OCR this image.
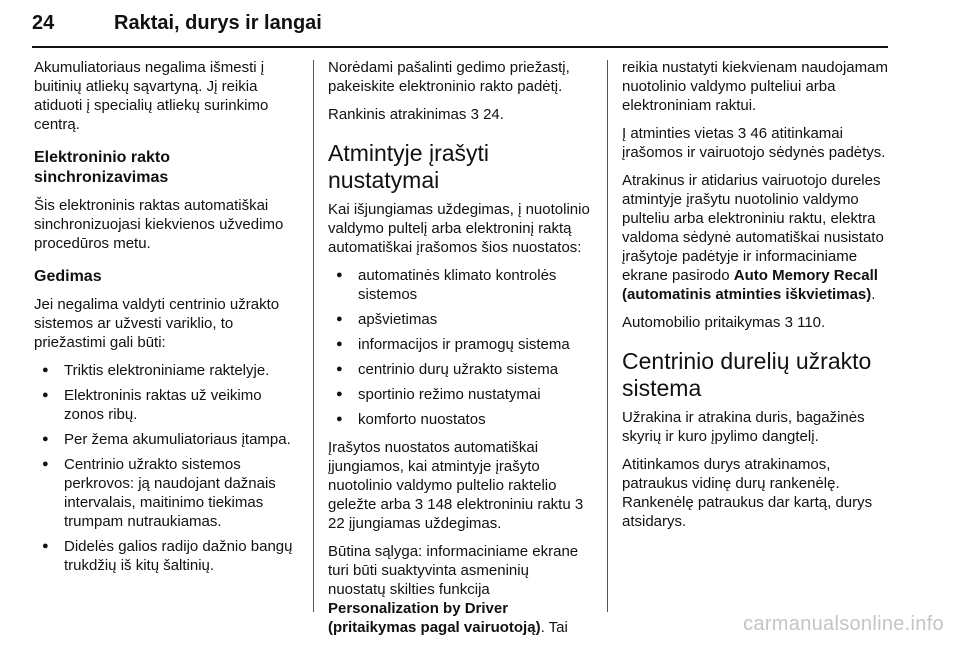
24	Raktai, durys ir langai

Akumuliatoriaus negalima išmesti į buitinių atliekų sąvartyną. Jį reikia atiduoti į specialių atliekų surinkimo centrą.

Elektroninio rakto sinchronizavimas

Šis elektroninis raktas automatiškai sinchronizuojasi kiekvienos užvedimo procedūros metu.

Gedimas

Jei negalima valdyti centrinio užrakto sistemos ar užvesti variklio, to priežastimi gali būti:

● Triktis elektroniniame raktelyje.
● Elektroninis raktas už veikimo zonos ribų.
● Per žema akumuliatoriaus įtampa.
● Centrinio užrakto sistemos perkrovos: ją naudojant dažnais intervalais, maitinimo tiekimas trumpam nutraukiamas.
● Didelės galios radijo dažnio bangų trukdžių iš kitų šaltinių.

Norėdami pašalinti gedimo priežastį, pakeiskite elektroninio rakto padėtį.

Rankinis atrakinimas 3 24.

Atmintyje įrašyti nustatymai

Kai išjungiamas uždegimas, į nuotolinio valdymo pultelį arba elektroninį raktą automatiškai įrašomos šios nuostatos:

● automatinės klimato kontrolės sistemos
● apšvietimas
● informacijos ir pramogų sistema
● centrinio durų užrakto sistema
● sportinio režimo nustatymai
● komforto nuostatos

Įrašytos nuostatos automatiškai įjungiamos, kai atmintyje įrašyto nuotolinio valdymo pultelio raktelio geležte arba 3 148 elektroniniu raktu 3 22 įjungiamas uždegimas.

Būtina sąlyga: informaciniame ekrane turi būti suaktyvinta asmeninių nuostatų skilties funkcija Personalization by Driver (pritaikymas pagal vairuotoją). Tai

reikia nustatyti kiekvienam naudojamam nuotolinio valdymo pulteliui arba elektroniniam raktui.

Į atminties vietas 3 46 atitinkamai įrašomos ir vairuotojo sėdynės padėtys.

Atrakinus ir atidarius vairuotojo dureles atmintyje įrašytu nuotolinio valdymo pulteliu arba elektroniniu raktu, elektra valdoma sėdynė automatiškai nusistato įrašytoje padėtyje ir informaciniame ekrane pasirodo Auto Memory Recall (automatinis atminties iškvietimas).

Automobilio pritaikymas 3 110.

Centrinio durelių užrakto sistema

Užrakina ir atrakina duris, bagažinės skyrių ir kuro įpylimo dangtelį.

Atitinkamos durys atrakinamos, patraukus vidinę durų rankenėlę. Rankenėlę patraukus dar kartą, durys atsidarys.

carmanualsonline.info
